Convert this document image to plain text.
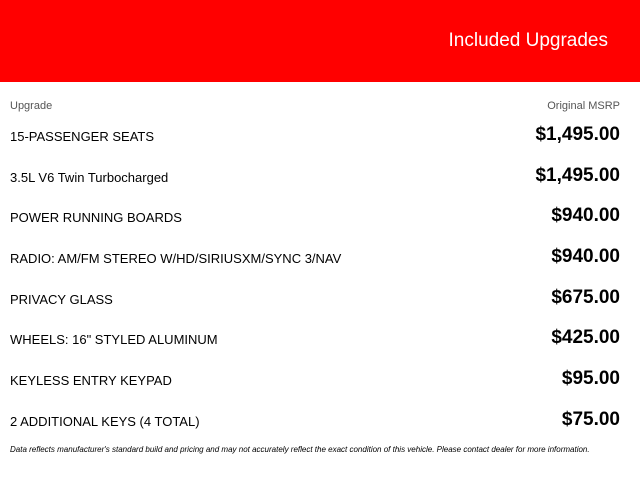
Included Upgrades
Upgrade	Original MSRP
15-PASSENGER SEATS	$1,495.00
3.5L V6 Twin Turbocharged	$1,495.00
POWER RUNNING BOARDS	$940.00
RADIO: AM/FM STEREO W/HD/SIRIUSXM/SYNC 3/NAV	$940.00
PRIVACY GLASS	$675.00
WHEELS: 16" STYLED ALUMINUM	$425.00
KEYLESS ENTRY KEYPAD	$95.00
2 ADDITIONAL KEYS (4 TOTAL)	$75.00
Data reflects manufacturer's standard build and pricing and may not accurately reflect the exact condition of this vehicle. Please contact dealer for more information.
